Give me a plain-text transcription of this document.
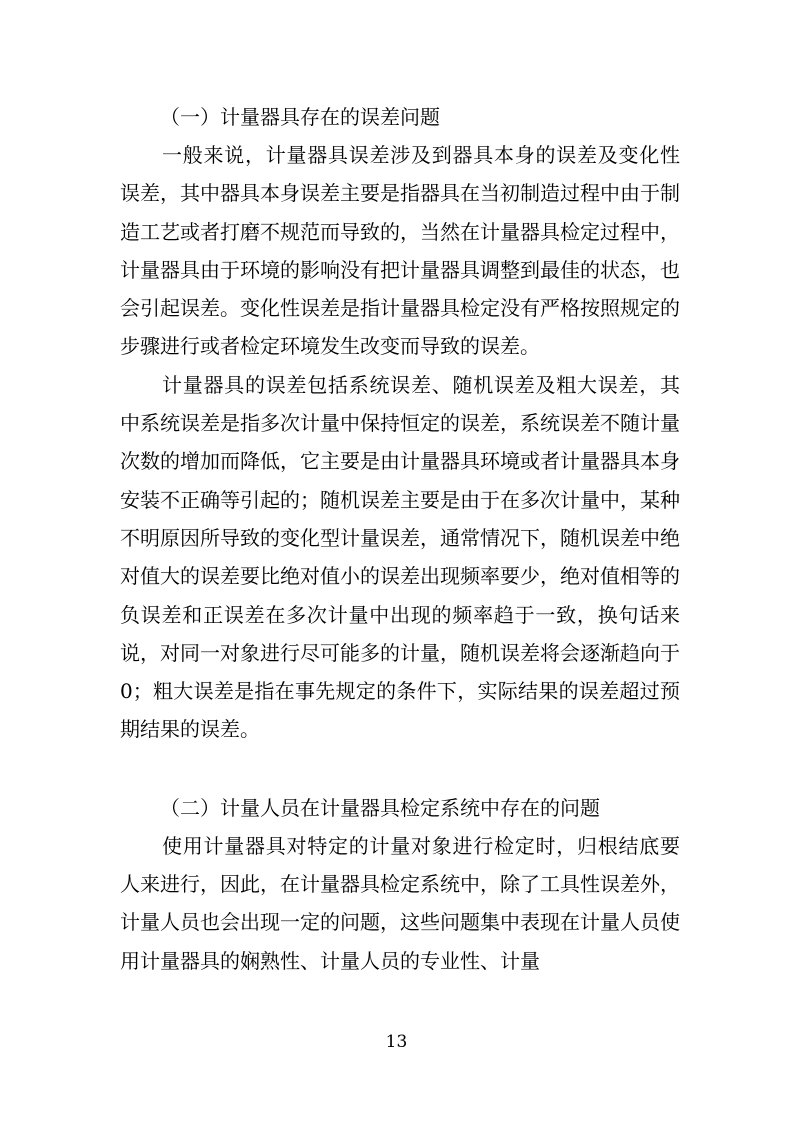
（一）计量器具存在的误差问题

一般来说，计量器具误差涉及到器具本身的误差及变化性误差，其中器具本身误差主要是指器具在当初制造过程中由于制造工艺或者打磨不规范而导致的，当然在计量器具检定过程中，计量器具由于环境的影响没有把计量器具调整到最佳的状态，也会引起误差。变化性误差是指计量器具检定没有严格按照规定的步骤进行或者检定环境发生改变而导致的误差。

计量器具的误差包括系统误差、随机误差及粗大误差，其中系统误差是指多次计量中保持恒定的误差，系统误差不随计量次数的增加而降低，它主要是由计量器具环境或者计量器具本身安装不正确等引起的；随机误差主要是由于在多次计量中，某种不明原因所导致的变化型计量误差，通常情况下，随机误差中绝对值大的误差要比绝对值小的误差出现频率要少，绝对值相等的负误差和正误差在多次计量中出现的频率趋于一致，换句话来说，对同一对象进行尽可能多的计量，随机误差将会逐渐趋向于 0；粗大误差是指在事先规定的条件下，实际结果的误差超过预期结果的误差。

（二）计量人员在计量器具检定系统中存在的问题

使用计量器具对特定的计量对象进行检定时，归根结底要人来进行，因此，在计量器具检定系统中，除了工具性误差外，计量人员也会出现一定的问题，这些问题集中表现在计量人员使用计量器具的娴熟性、计量人员的专业性、计量

13
